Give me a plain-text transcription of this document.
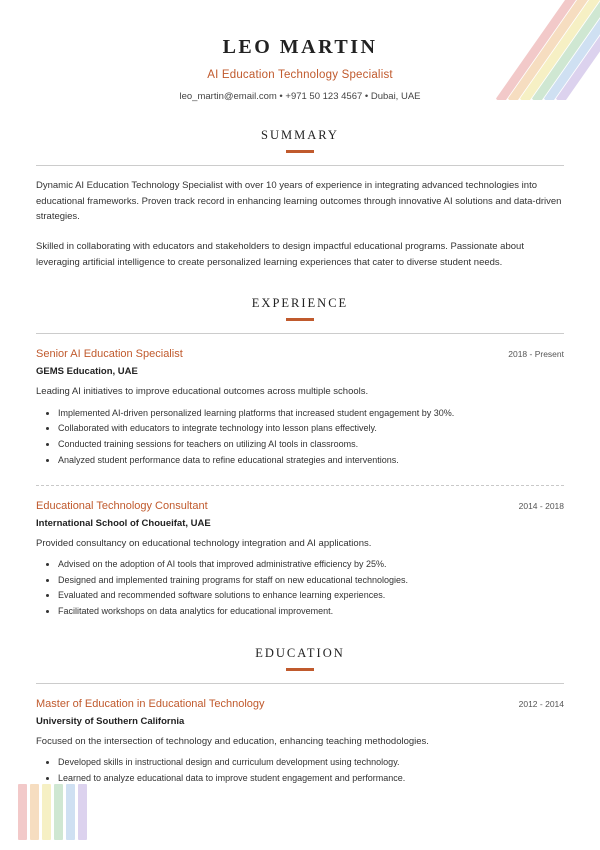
LEO MARTIN
AI Education Technology Specialist
leo_martin@email.com • +971 50 123 4567 • Dubai, UAE
SUMMARY

Dynamic AI Education Technology Specialist with over 10 years of experience in integrating advanced technologies into educational frameworks. Proven track record in enhancing learning outcomes through innovative AI solutions and data-driven strategies.

Skilled in collaborating with educators and stakeholders to design impactful educational programs. Passionate about leveraging artificial intelligence to create personalized learning experiences that cater to diverse student needs.

EXPERIENCE
Senior AI Education Specialist	2018 - Present
GEMS Education, UAE
Leading AI initiatives to improve educational outcomes across multiple schools.
• Implemented AI-driven personalized learning platforms that increased student engagement by 30%.
• Collaborated with educators to integrate technology into lesson plans effectively.
• Conducted training sessions for teachers on utilizing AI tools in classrooms.
• Analyzed student performance data to refine educational strategies and interventions.
Educational Technology Consultant	2014 - 2018
International School of Choueifat, UAE
Provided consultancy on educational technology integration and AI applications.
• Advised on the adoption of AI tools that improved administrative efficiency by 25%.
• Designed and implemented training programs for staff on new educational technologies.
• Evaluated and recommended software solutions to enhance learning experiences.
• Facilitated workshops on data analytics for educational improvement.
EDUCATION
Master of Education in Educational Technology	2012 - 2014
University of Southern California
Focused on the intersection of technology and education, enhancing teaching methodologies.
• Developed skills in instructional design and curriculum development using technology.
• Learned to analyze educational data to improve student engagement and performance.
